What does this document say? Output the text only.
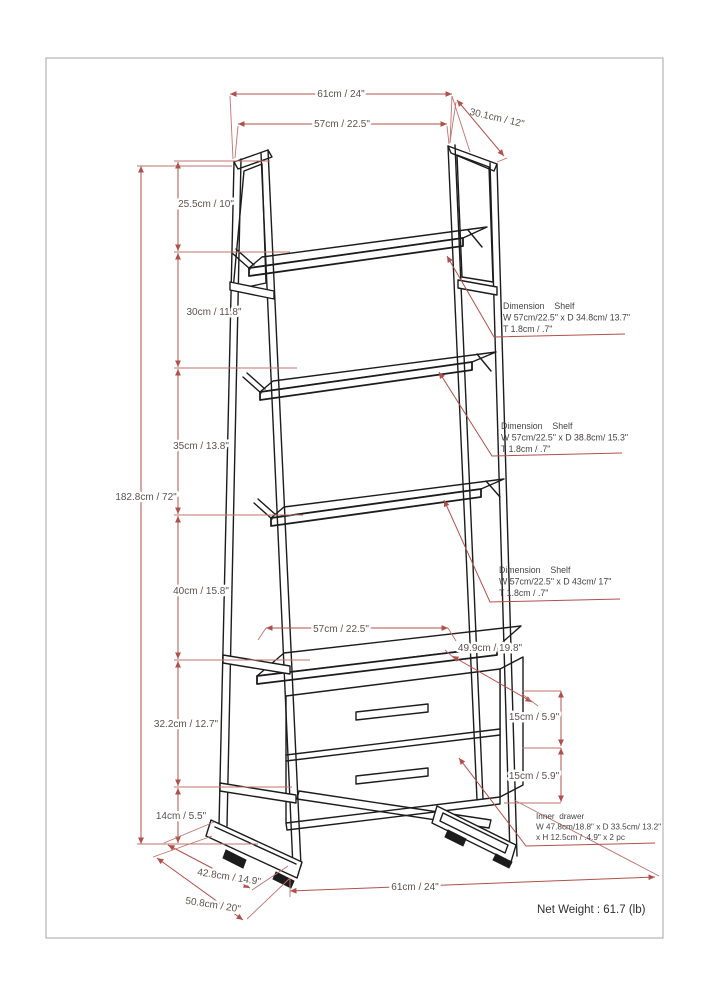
61cm / 24"
57cm / 22.5"	30.1cm / 12"
182.8cm / 72"
25.5cm / 10"
30cm / 11.8"
35cm / 13.8"
40cm / 15.8"
32.2cm / 12.7"
14cm / 5.5"
57cm / 22.5"
49.9cm / 19.8"
15cm / 5.9"
15cm / 5.9"
42.8cm / 14.9"
50.8cm / 20"
61cm / 24"
Dimension    Shelf
W 57cm/22.5" x D 34.8cm/ 13.7"
T 1.8cm / .7"
Dimension    Shelf
W 57cm/22.5" x D 38.8cm/ 15.3"
T 1.8cm / .7"
Dimension    Shelf
W 57cm/22.5" x D 43cm/ 17"
T 1.8cm / .7"
Inner  drawer
W 47.8cm/18.8" x D 33.5cm/ 13.2"
x H 12.5cm / .4.9" x 2 pc
Net Weight : 61.7 (lb)
